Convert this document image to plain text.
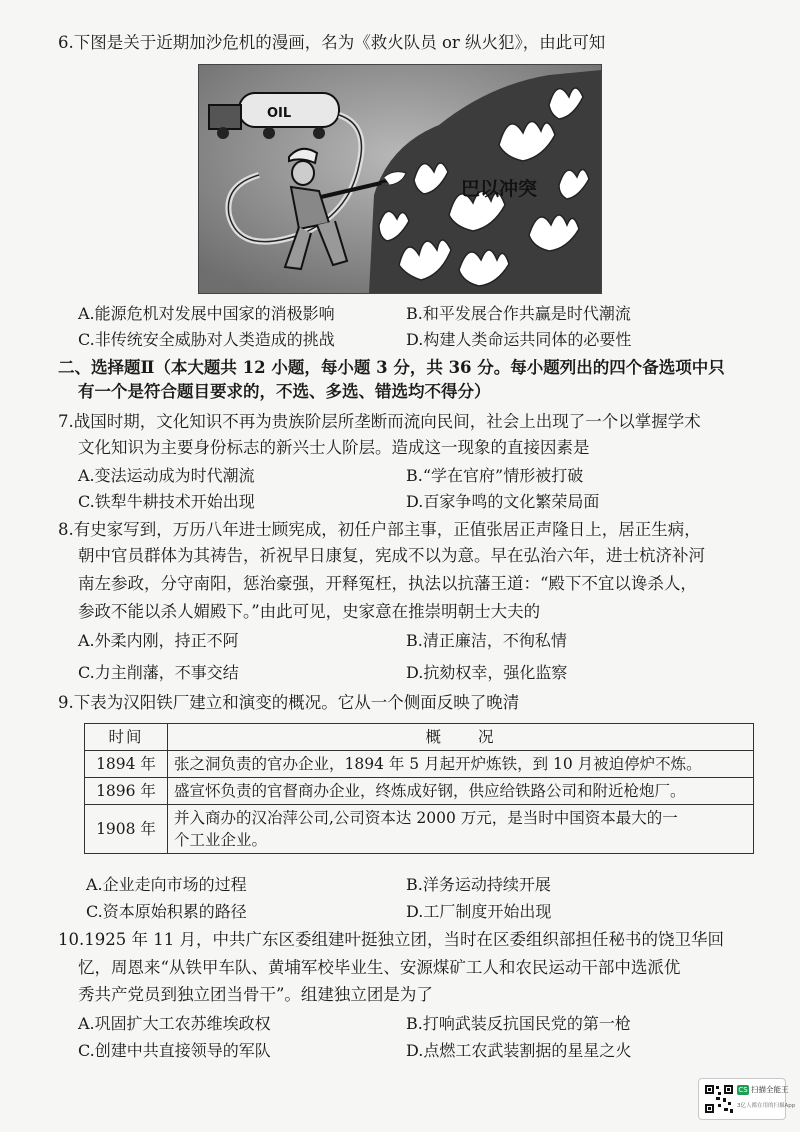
6.下图是关于近期加沙危机的漫画，名为《救火队员 or 纵火犯》，由此可知
巴以冲突
OIL
A.能源危机对发展中国家的消极影响	B.和平发展合作共赢是时代潮流
C.非传统安全威胁对人类造成的挑战	D.构建人类命运共同体的必要性
二、选择题Ⅱ（本大题共 12 小题，每小题 3 分，共 36 分。每小题列出的四个备选项中只
有一个是符合题目要求的，不选、多选、错选均不得分）
7.战国时期，文化知识不再为贵族阶层所垄断而流向民间，社会上出现了一个以掌握学术
文化知识为主要身份标志的新兴士人阶层。造成这一现象的直接因素是
A.变法运动成为时代潮流	B.“学在官府”情形被打破
C.铁犁牛耕技术开始出现	D.百家争鸣的文化繁荣局面
8.有史家写到，万历八年进士顾宪成，初任户部主事，正值张居正声隆日上，居正生病，
朝中官员群体为其祷告，祈祝早日康复，宪成不以为意。早在弘治六年，进士杭济补河
南左参政，分守南阳，惩治豪强，开释冤枉，执法以抗藩王道：“殿下不宜以谗杀人，
参政不能以杀人媚殿下。”由此可见，史家意在推崇明朝士大夫的
A.外柔内刚，持正不阿	B.清正廉洁，不徇私情
C.力主削藩，不事交结	D.抗劾权幸，强化监察
9.下表为汉阳铁厂建立和演变的概况。它从一个侧面反映了晚清
时间	概　　况
1894 年	张之洞负责的官办企业，1894 年 5 月起开炉炼铁，到 10 月被迫停炉不炼。
1896 年	盛宣怀负责的官督商办企业，终炼成好钢，供应给铁路公司和附近枪炮厂。
1908 年	并入商办的汉冶萍公司,公司资本达 2000 万元，是当时中国资本最大的一
个工业企业。
A.企业走向市场的过程	B.洋务运动持续开展
C.资本原始积累的路径	D.工厂制度开始出现
10.1925 年 11 月，中共广东区委组建叶挺独立团，当时在区委组织部担任秘书的饶卫华回
忆，周恩来“从铁甲车队、黄埔军校毕业生、安源煤矿工人和农民运动干部中选派优
秀共产党员到独立团当骨干”。组建独立团是为了
A.巩固扩大工农苏维埃政权	B.打响武装反抗国民党的第一枪
C.创建中共直接领导的军队	D.点燃工农武装割据的星星之火
CS 扫描全能王
3亿人都在用的扫描App
